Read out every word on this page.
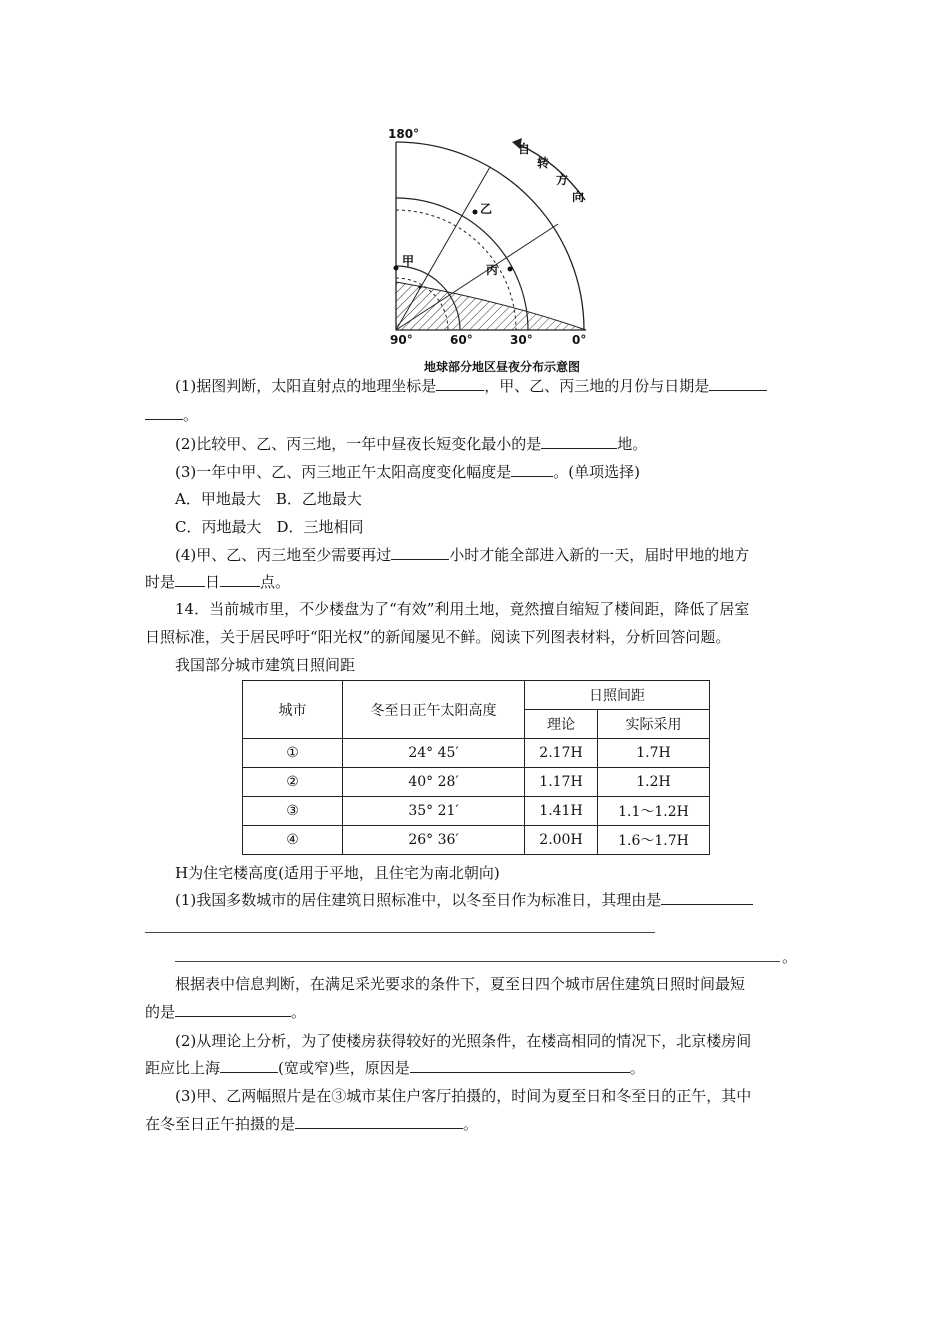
180°
90°	60°	30°	0°
自
转
方
向
甲
乙
丙
地球部分地区昼夜分布示意图
(1)据图判断，太阳直射点的地理坐标是	，甲、乙、丙三地的月份与日期是
。
(2)比较甲、乙、丙三地，一年中昼夜长短变化最小的是	地。
(3)一年中甲、乙、丙三地正午太阳高度变化幅度是	。(单项选择)
A．甲地最大　B．乙地最大
C．丙地最大　D．三地相同
(4)甲、乙、丙三地至少需要再过	小时才能全部进入新的一天，届时甲地的地方
时是 日	点。
14．当前城市里，不少楼盘为了“有效”利用土地，竟然擅自缩短了楼间距，降低了居室
日照标准，关于居民呼吁“阳光权”的新闻屡见不鲜。阅读下列图表材料，分析回答问题。
我国部分城市建筑日照间距
城市	冬至日正午太阳高度	日照间距	
		理论	实际采用
①	24° 45′	2.17H	1.7H
②	40° 28′	1.17H	1.2H
③	35° 21′	1.41H	1.1～1.2H
④	26° 36′	2.00H	1.6～1.7H
H为住宅楼高度(适用于平地，且住宅为南北朝向)
(1)我国多数城市的居住建筑日照标准中，以冬至日作为标准日，其理由是
。
根据表中信息判断，在满足采光要求的条件下，夏至日四个城市居住建筑日照时间最短
的是	。
(2)从理论上分析，为了使楼房获得较好的光照条件，在楼高相同的情况下，北京楼房间
距应比上海	(宽或窄)些，原因是	。
(3)甲、乙两幅照片是在③城市某住户客厅拍摄的，时间为夏至日和冬至日的正午，其中
在冬至日正午拍摄的是	。
